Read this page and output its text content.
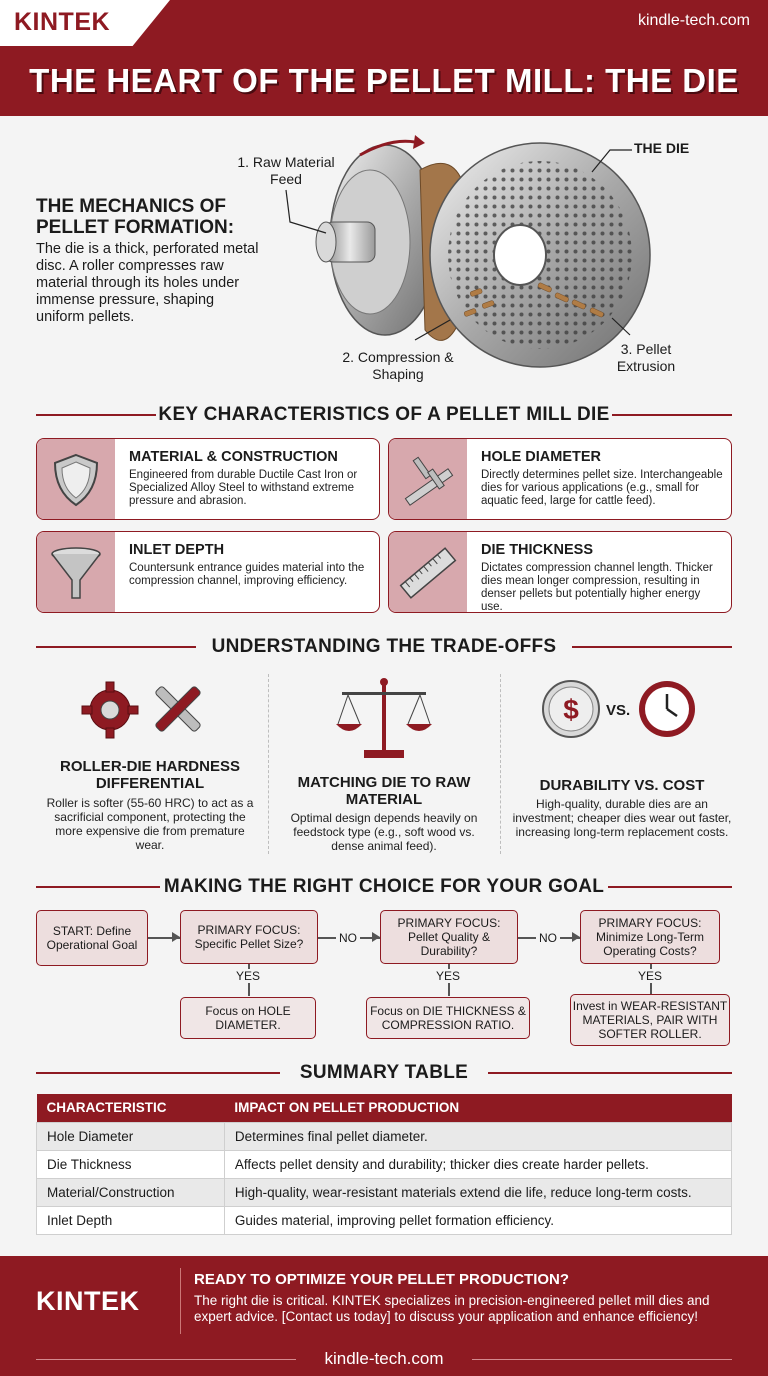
KINTEK	kindle-tech.com
THE HEART OF THE PELLET MILL: THE DIE
THE MECHANICS OF PELLET FORMATION:
The die is a thick, perforated metal disc. A roller compresses raw material through its holes under immense pressure, shaping uniform pellets.
1. Raw Material Feed
THE DIE
2. Compression & Shaping
3. Pellet Extrusion
KEY CHARACTERISTICS OF A PELLET MILL DIE
MATERIAL & CONSTRUCTION
Engineered from durable Ductile Cast Iron or Specialized Alloy Steel to withstand extreme pressure and abrasion.
HOLE DIAMETER
Directly determines pellet size. Interchangeable dies for various applications (e.g., small for aquatic feed, large for cattle feed).
INLET DEPTH
Countersunk entrance guides material into the compression channel, improving efficiency.
DIE THICKNESS
Dictates compression channel length. Thicker dies mean longer compression, resulting in denser pellets but potentially higher energy use.
UNDERSTANDING THE TRADE-OFFS
ROLLER-DIE HARDNESS DIFFERENTIAL
Roller is softer (55-60 HRC) to act as a sacrificial component, protecting the more expensive die from premature wear.
MATCHING DIE TO RAW MATERIAL
Optimal design depends heavily on feedstock type (e.g., soft wood vs. dense animal feed).
$ VS.
DURABILITY VS. COST
High-quality, durable dies are an investment; cheaper dies wear out faster, increasing long-term replacement costs.
MAKING THE RIGHT CHOICE FOR YOUR GOAL
START: Define Operational Goal
PRIMARY FOCUS: Specific Pellet Size?	NO
PRIMARY FOCUS: Pellet Quality & Durability?
NO
PRIMARY FOCUS: Minimize Long-Term Operating Costs?
YES
Focus on HOLE DIAMETER.
YES
Focus on DIE THICKNESS & COMPRESSION RATIO.
YES
Invest in WEAR-RESISTANT MATERIALS, PAIR WITH SOFTER ROLLER.
SUMMARY TABLE
CHARACTERISTIC	IMPACT ON PELLET PRODUCTION
Hole Diameter	Determines final pellet diameter.
Die Thickness	Affects pellet density and durability; thicker dies create harder pellets.
Material/Construction	High-quality, wear-resistant materials extend die life, reduce long-term costs.
Inlet Depth	Guides material, improving pellet formation efficiency.
KINTEK
READY TO OPTIMIZE YOUR PELLET PRODUCTION?
The right die is critical. KINTEK specializes in precision-engineered pellet mill dies and expert advice. [Contact us today] to discuss your application and enhance efficiency!
kindle-tech.com
